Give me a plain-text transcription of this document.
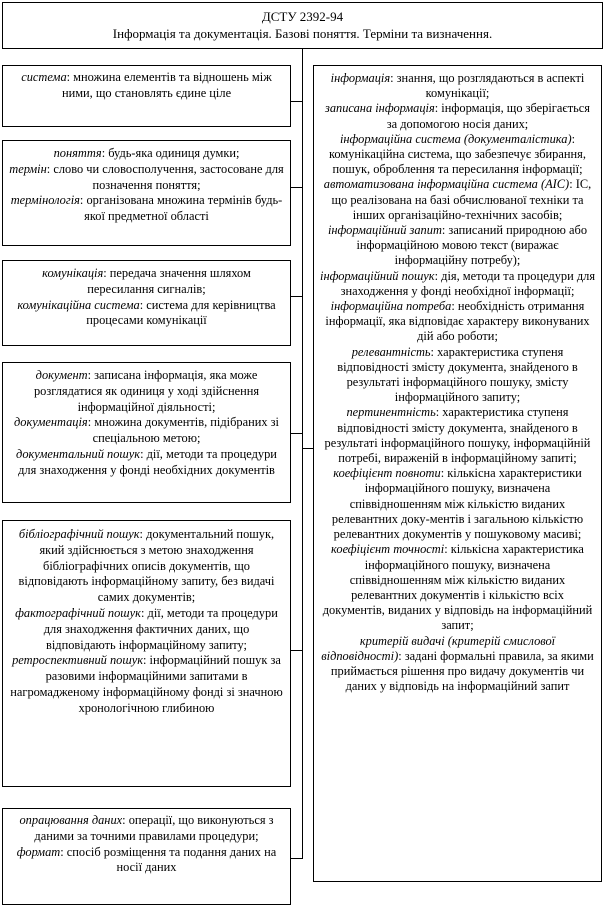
ДСТУ 2392-94
Інформація та документація. Базові поняття. Терміни та визначення.

система: множина елементів та відношень між ними, що становлять єдине ціле

поняття: будь-яка одиниця думки;

термін: слово чи словосполучення, застосоване для позначення поняття;

термінологія: організована множина термінів будь-якої предметної області

комунікація: передача значення шляхом пересилання сигналів;

комунікаційна система: система для керівництва процесами комунікації

документ: записана інформація, яка може розглядатися як одиниця у ході здійснення інформаційної діяльності;

документація: множина документів, підібраних зі спеціальною метою;

документальний пошук: дії, методи та процедури для знаходження у фонді необхідних документів

бібліографічний пошук: документальний пошук, який здійснюється з метою знаходження бібліографічних описів документів, що відповідають інформаційному запиту, без видачі самих документів;

фактографічний пошук: дії, методи та процедури для знаходження фактичних даних, що відповідають інформаційному запиту;

ретроспективний пошук: інформаційний пошук за разовими інформаційними запитами в нагромадженому інформаційному фонді зі значною хронологічною глибиною

опрацювання даних: операції, що виконуються з даними за точними правилами процедури;

формат: спосіб розміщення та подання даних на носії даних

інформація: знання, що розглядаються в аспекті комунікації;

записана інформація: інформація, що зберігається за допомогою носія даних;

інформаційна система (документалістика): комунікаційна система, що забезпечує збирання, пошук, оброблення та пересилання інформації;

автоматизована інформаційна система (АІС): ІС, що реалізована на базі обчислюваної техніки та інших організаційно-технічних засобів;

інформаційний запит: записаний природною або інформаційною мовою текст (виражає інформаційну потребу);

інформаційний пошук: дія, методи та процедури для знаходження у фонді необхідної інформації;

інформаційна потреба: необхідність отримання інформації, яка відповідає характеру виконуваних дій або роботи;

релевантність: характеристика ступеня відповідності змісту документа, знайденого в результаті інформаційного пошуку, змісту інформаційного запиту;

пертинентність: характеристика ступеня відповідності змісту документа, знайденого в результаті інформаційного пошуку, інформаційній потребі, вираженій в інформаційному запиті;

коефіцієнт повноти: кількісна характеристики інформаційного пошуку, визначена співвідношенням між кількістю виданих релевантних доку-ментів і загальною кількістю релевантних документів у пошуковому масиві;

коефіцієнт точності: кількісна характеристика інформаційного пошуку, визначена співвідношенням між кількістю виданих релевантних документів і кількістю всіх документів, виданих у відповідь на інформаційний запит;

критерій видачі (критерій смислової відповідності): задані формальні правила, за якими приймається рішення про видачу документів чи даних у відповідь на інформаційний запит
